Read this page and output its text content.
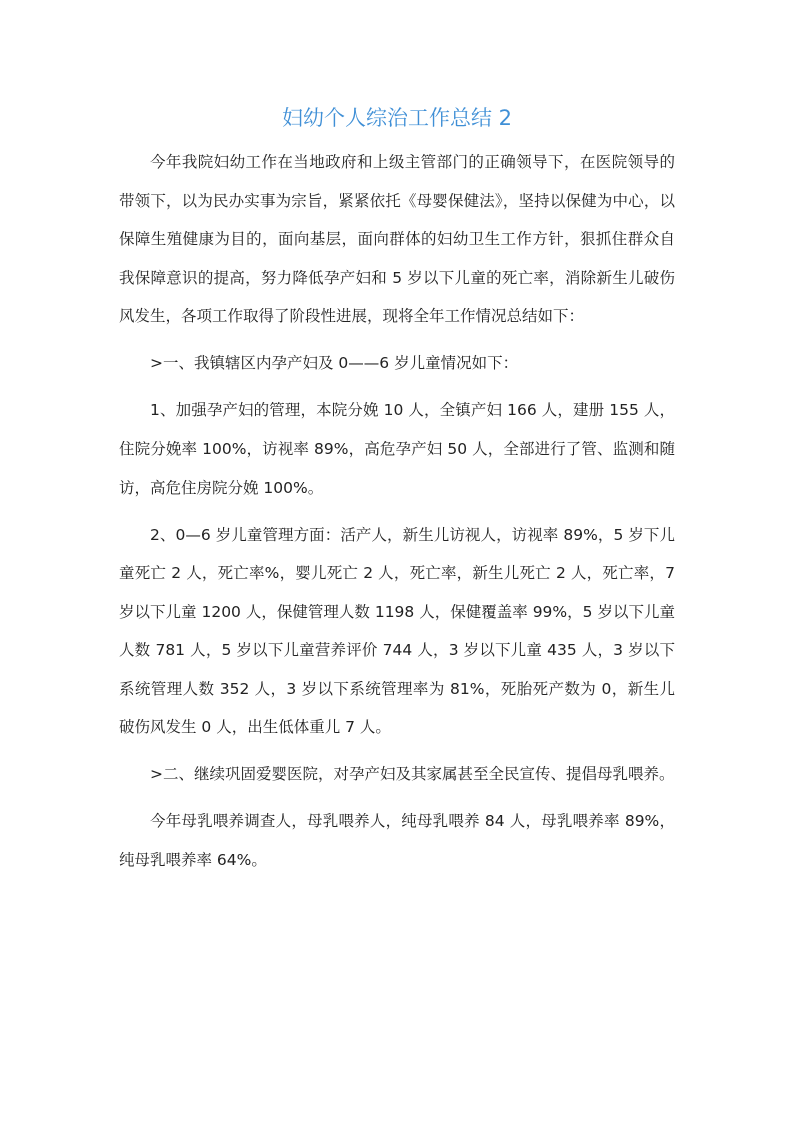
妇幼个人综治工作总结 2

今年我院妇幼工作在当地政府和上级主管部门的正确领导下，在医院领导的带领下，以为民办实事为宗旨，紧紧依托《母婴保健法》，坚持以保健为中心，以保障生殖健康为目的，面向基层，面向群体的妇幼卫生工作方针，狠抓住群众自我保障意识的提高，努力降低孕产妇和 5 岁以下儿童的死亡率，消除新生儿破伤风发生，各项工作取得了阶段性进展，现将全年工作情况总结如下：

>一、我镇辖区内孕产妇及 0——6 岁儿童情况如下：

1、加强孕产妇的管理，本院分娩 10 人，全镇产妇 166 人，建册 155 人，住院分娩率 100%，访视率 89%，高危孕产妇 50 人，全部进行了管、监测和随访，高危住房院分娩 100%。

2、0—6 岁儿童管理方面：活产人，新生儿访视人，访视率 89%，5 岁下儿童死亡 2 人，死亡率%，婴儿死亡 2 人，死亡率，新生儿死亡 2 人，死亡率，7 岁以下儿童 1200 人，保健管理人数 1198 人，保健覆盖率 99%，5 岁以下儿童人数 781 人，5 岁以下儿童营养评价 744 人，3 岁以下儿童 435 人，3 岁以下系统管理人数 352 人，3 岁以下系统管理率为 81%，死胎死产数为 0，新生儿破伤风发生 0 人，出生低体重儿 7 人。

>二、继续巩固爱婴医院，对孕产妇及其家属甚至全民宣传、提倡母乳喂养。

今年母乳喂养调查人，母乳喂养人，纯母乳喂养 84 人，母乳喂养率 89%，纯母乳喂养率 64%。
